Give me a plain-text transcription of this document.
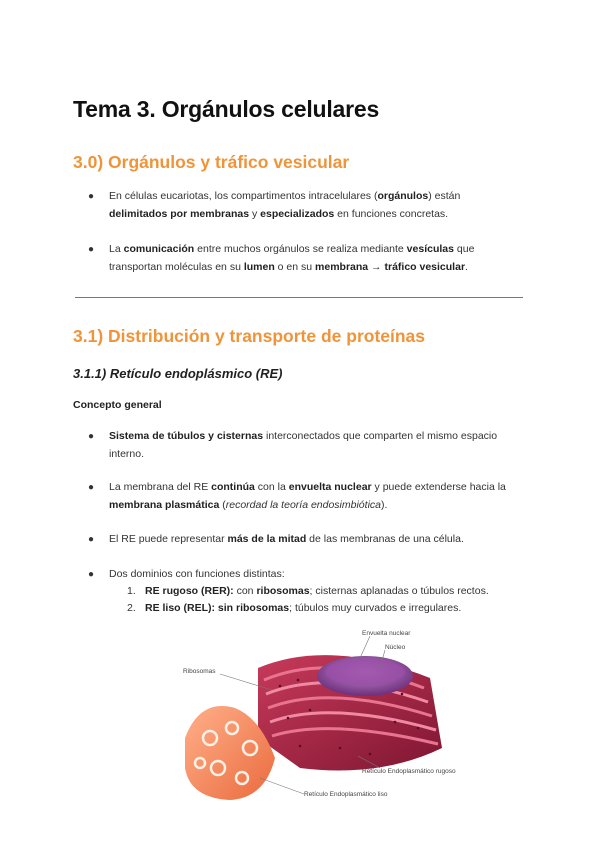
Tema 3. Orgánulos celulares
3.0) Orgánulos y tráfico vesicular
● En células eucariotas, los compartimentos intracelulares (orgánulos) están
delimitados por membranas y especializados en funciones concretas.
● La comunicación entre muchos orgánulos se realiza mediante vesículas que
transportan moléculas en su lumen o en su membrana → tráfico vesicular.
3.1) Distribución y transporte de proteínas
3.1.1) Retículo endoplásmico (RE)
Concepto general
● Sistema de túbulos y cisternas interconectados que comparten el mismo espacio
interno.
● La membrana del RE continúa con la envuelta nuclear y puede extenderse hacia la
membrana plasmática (recordad la teoría endosimbiótica).
● El RE puede representar más de la mitad de las membranas de una célula.
● Dos dominios con funciones distintas:
1. RE rugoso (RER): con ribosomas; cisternas aplanadas o túbulos rectos.
2. RE liso (REL): sin ribosomas; túbulos muy curvados e irregulares.
Envuelta nuclear
Núcleo
Ribosomas
Retículo Endoplasmático rugoso
Retículo Endoplasmático liso
